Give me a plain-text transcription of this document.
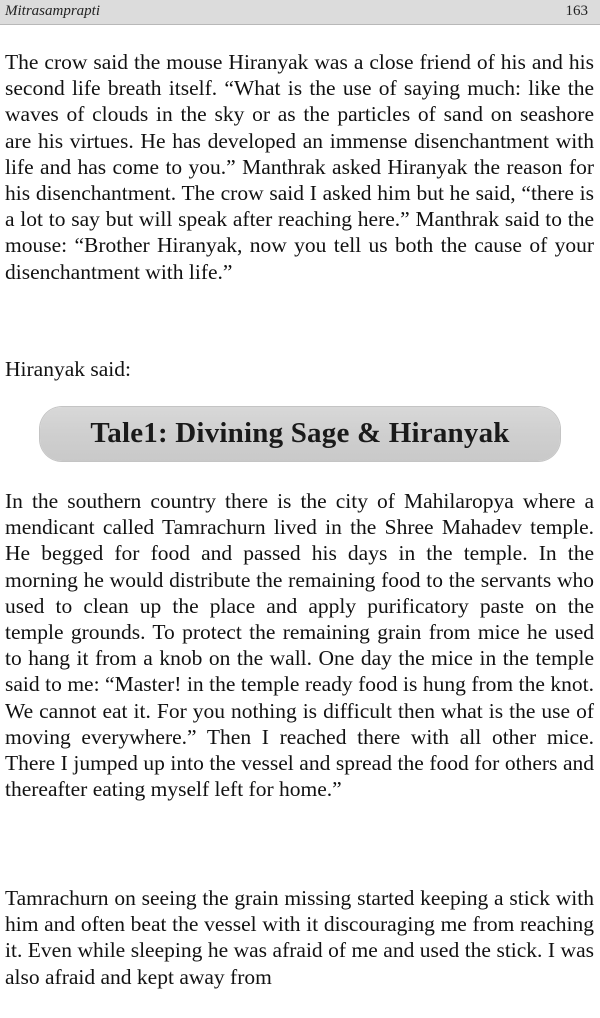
Mitrasamprapti	163

The crow said the mouse Hiranyak was a close friend of his and his second life breath itself. “What is the use of saying much: like the waves of clouds in the sky or as the particles of sand on seashore are his virtues. He has developed an immense disenchantment with life and has come to you.” Manthrak asked Hiranyak the reason for his disenchantment. The crow said I asked him but he said, “there is a lot to say but will speak after reaching here.” Manthrak said to the mouse: “Brother Hiranyak, now you tell us both the cause of your disenchantment with life.”

Hiranyak said:

Tale1: Divining Sage & Hiranyak

In the southern country there is the city of Mahilaropya where a mendicant called Tamrachurn lived in the Shree Mahadev temple. He begged for food and passed his days in the temple. In the morning he would distribute the remaining food to the servants who used to clean up the place and apply purificatory paste on the temple grounds. To protect the remaining grain from mice he used to hang it from a knob on the wall. One day the mice in the temple said to me: “Master! in the temple ready food is hung from the knot. We cannot eat it. For you nothing is difficult then what is the use of moving everywhere.” Then I reached there with all other mice. There I jumped up into the vessel and spread the food for others and thereafter eating myself left for home.”

Tamrachurn on seeing the grain missing started keeping a stick with him and often beat the vessel with it discouraging me from reaching it. Even while sleeping he was afraid of me and used the stick. I was also afraid and kept away from
